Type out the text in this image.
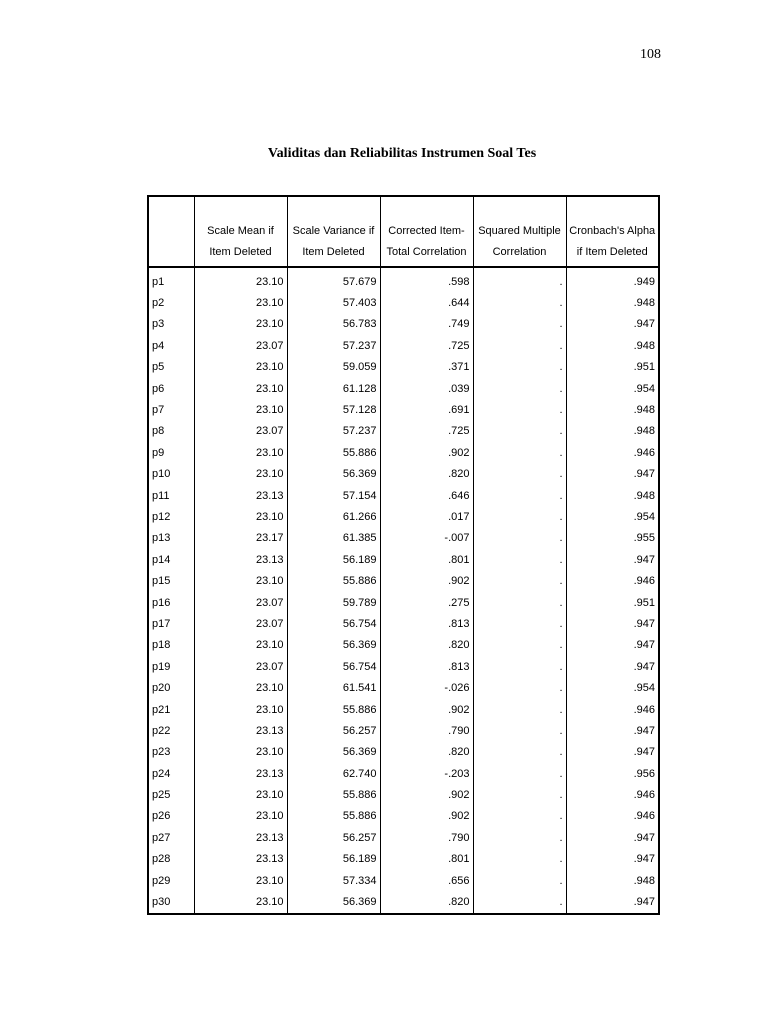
108
Validitas dan Reliabilitas Instrumen Soal Tes
	Scale Mean if Item Deleted	Scale Variance if Item Deleted	Corrected Item-Total Correlation	Squared Multiple Correlation	Cronbach's Alpha if Item Deleted
p1	23.10	57.679	.598	.	.949
p2	23.10	57.403	.644	.	.948
p3	23.10	56.783	.749	.	.947
p4	23.07	57.237	.725	.	.948
p5	23.10	59.059	.371	.	.951
p6	23.10	61.128	.039	.	.954
p7	23.10	57.128	.691	.	.948
p8	23.07	57.237	.725	.	.948
p9	23.10	55.886	.902	.	.946
p10	23.10	56.369	.820	.	.947
p11	23.13	57.154	.646	.	.948
p12	23.10	61.266	.017	.	.954
p13	23.17	61.385	-.007	.	.955
p14	23.13	56.189	.801	.	.947
p15	23.10	55.886	.902	.	.946
p16	23.07	59.789	.275	.	.951
p17	23.07	56.754	.813	.	.947
p18	23.10	56.369	.820	.	.947
p19	23.07	56.754	.813	.	.947
p20	23.10	61.541	-.026	.	.954
p21	23.10	55.886	.902	.	.946
p22	23.13	56.257	.790	.	.947
p23	23.10	56.369	.820	.	.947
p24	23.13	62.740	-.203	.	.956
p25	23.10	55.886	.902	.	.946
p26	23.10	55.886	.902	.	.946
p27	23.13	56.257	.790	.	.947
p28	23.13	56.189	.801	.	.947
p29	23.10	57.334	.656	.	.948
p30	23.10	56.369	.820	.	.947
